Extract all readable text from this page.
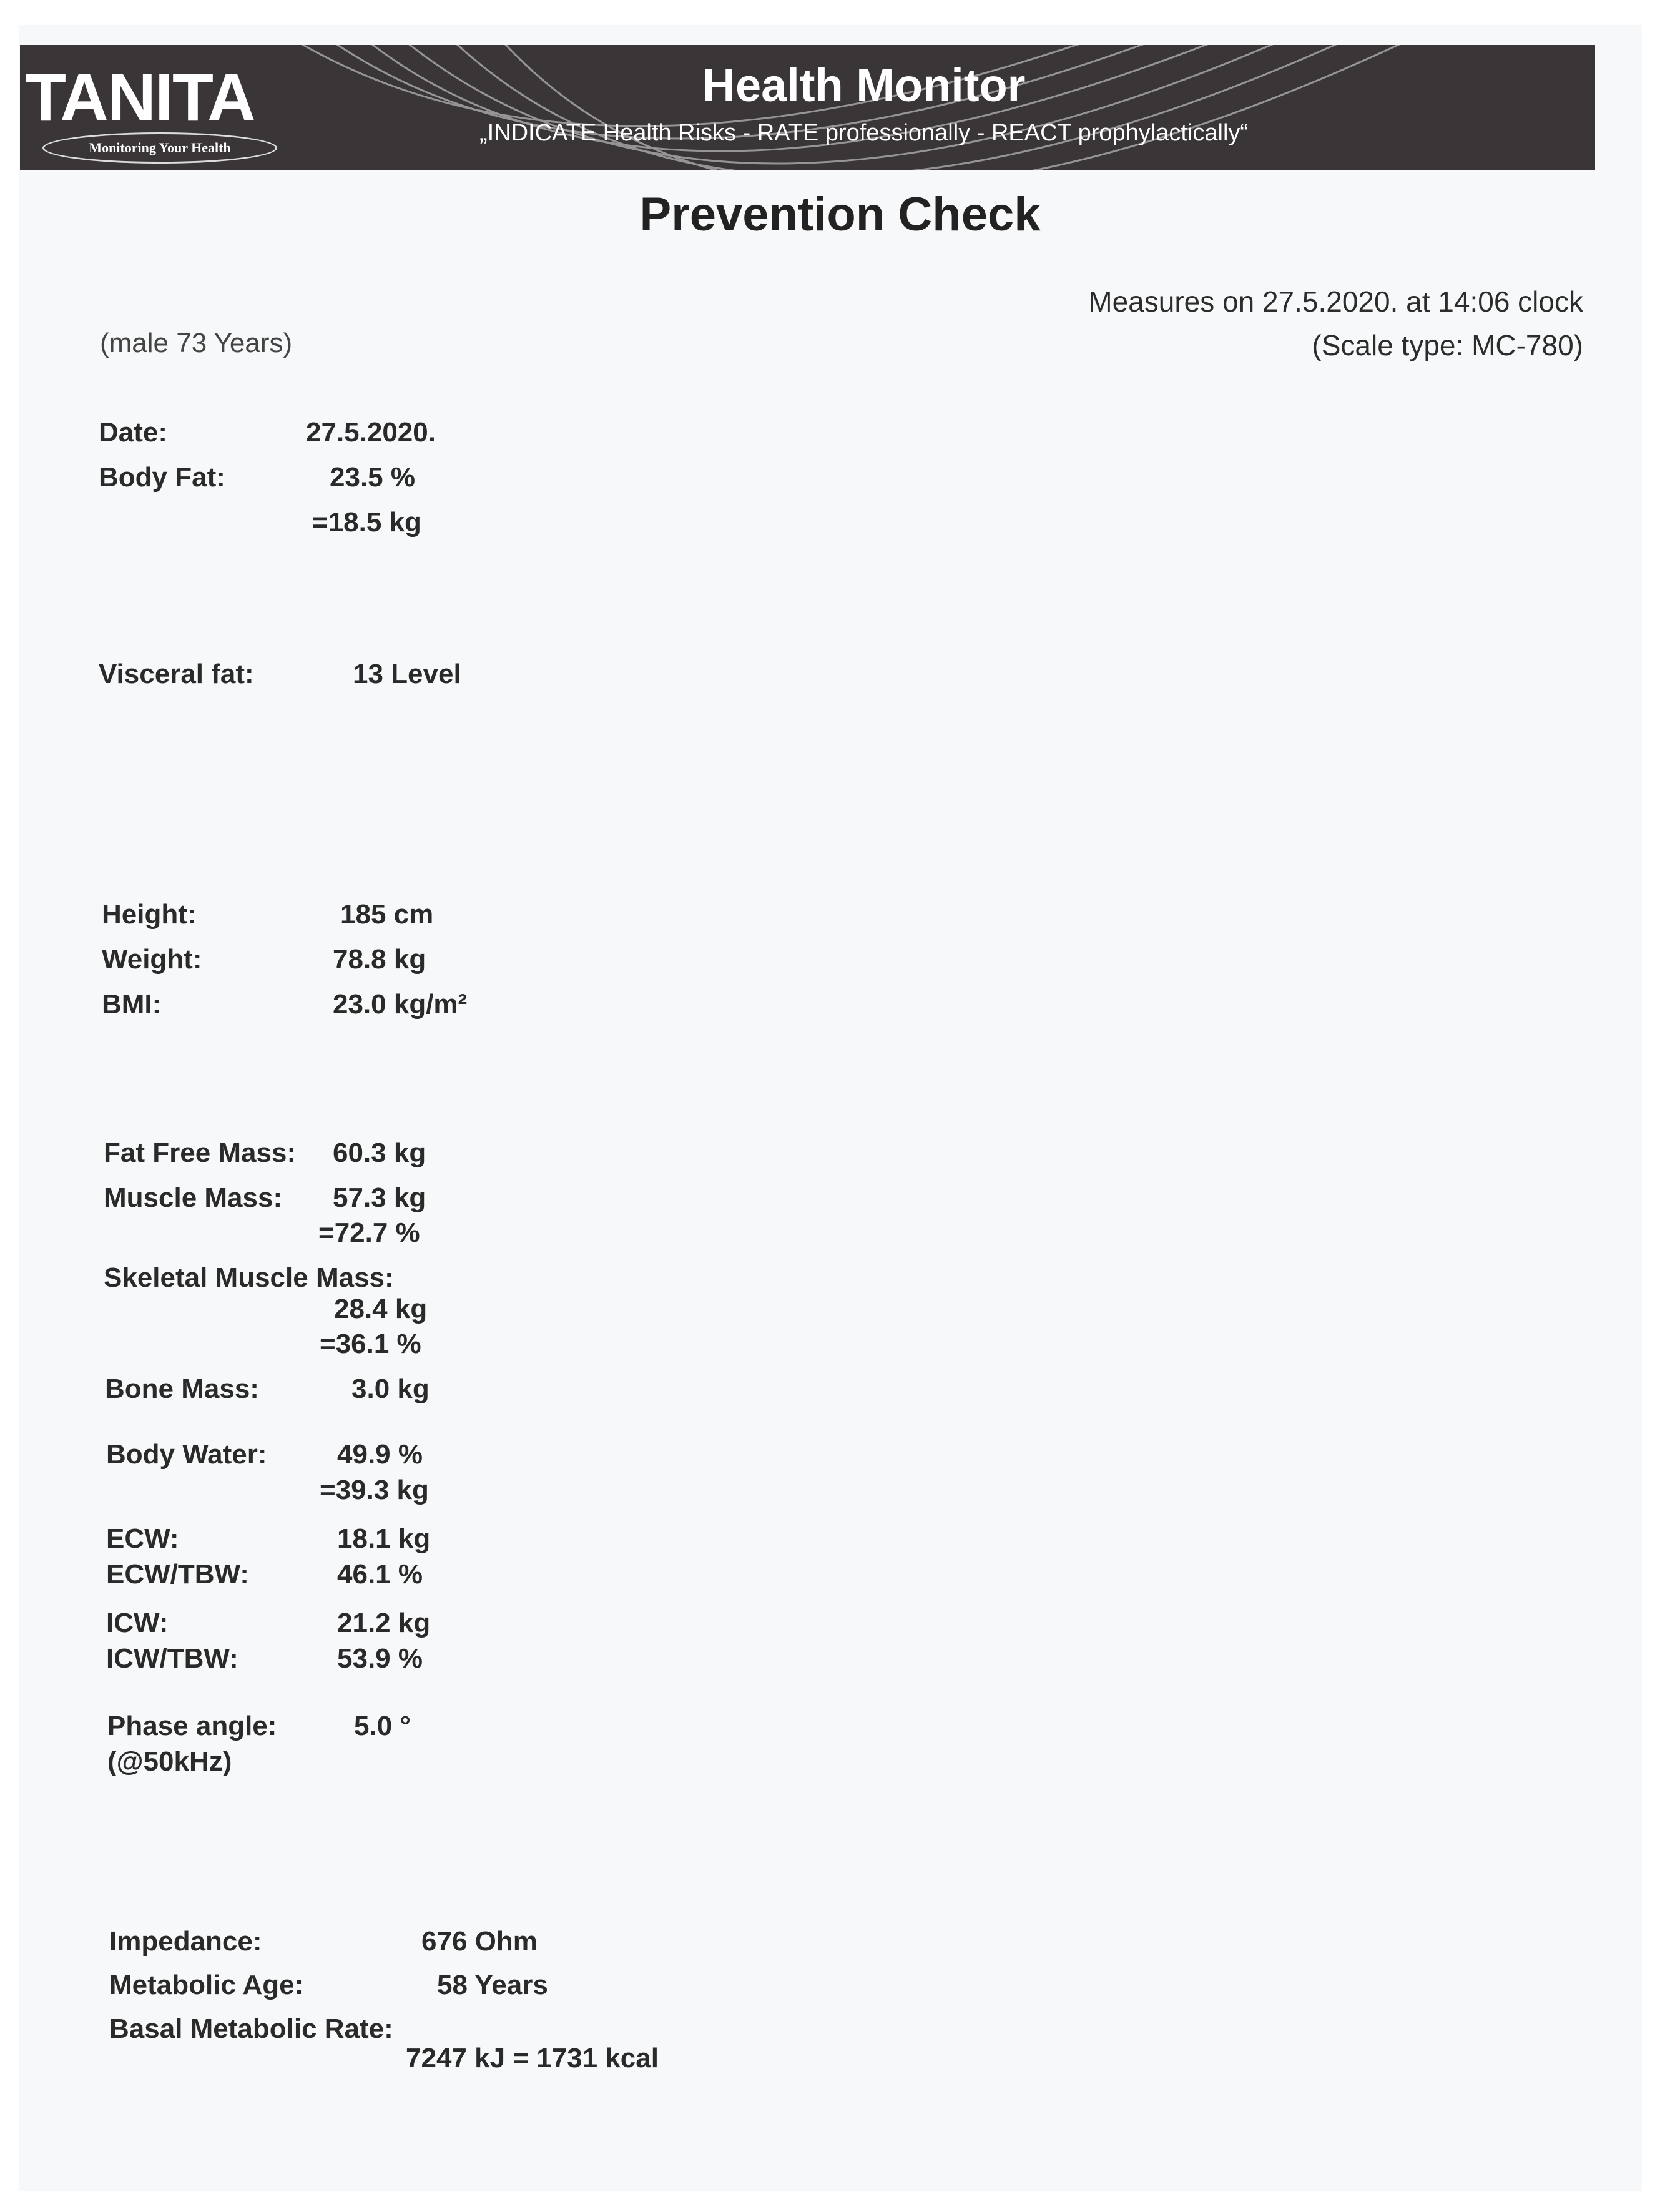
TANITA
Monitoring Your Health
Health Monitor
„INDICATE Health Risks - RATE professionally - REACT prophylactically“
Prevention Check
Measures on 27.5.2020. at 14:06 clock
(Scale type: MC-780)
(male 73 Years)
Date:	27.5.2020.
Body Fat:	23.5 %
=18.5 kg
Visceral fat:	13 Level
Height:	185 cm
Weight:	78.8 kg
BMI:	23.0 kg/m²
Fat Free Mass: 60.3 kg
Muscle Mass: 57.3 kg
=72.7 %
Skeletal Muscle Mass:
28.4 kg
=36.1 %
Bone Mass:	3.0 kg
Body Water:	49.9 %
=39.3 kg
ECW:	18.1 kg
ECW/TBW:	46.1 %
ICW:	21.2 kg
ICW/TBW:	53.9 %
Phase angle:
(@50kHz)
5.0 °
Impedance:	676 Ohm
Metabolic Age:	58 Years
Basal Metabolic Rate:
7247 kJ = 1731 kcal
